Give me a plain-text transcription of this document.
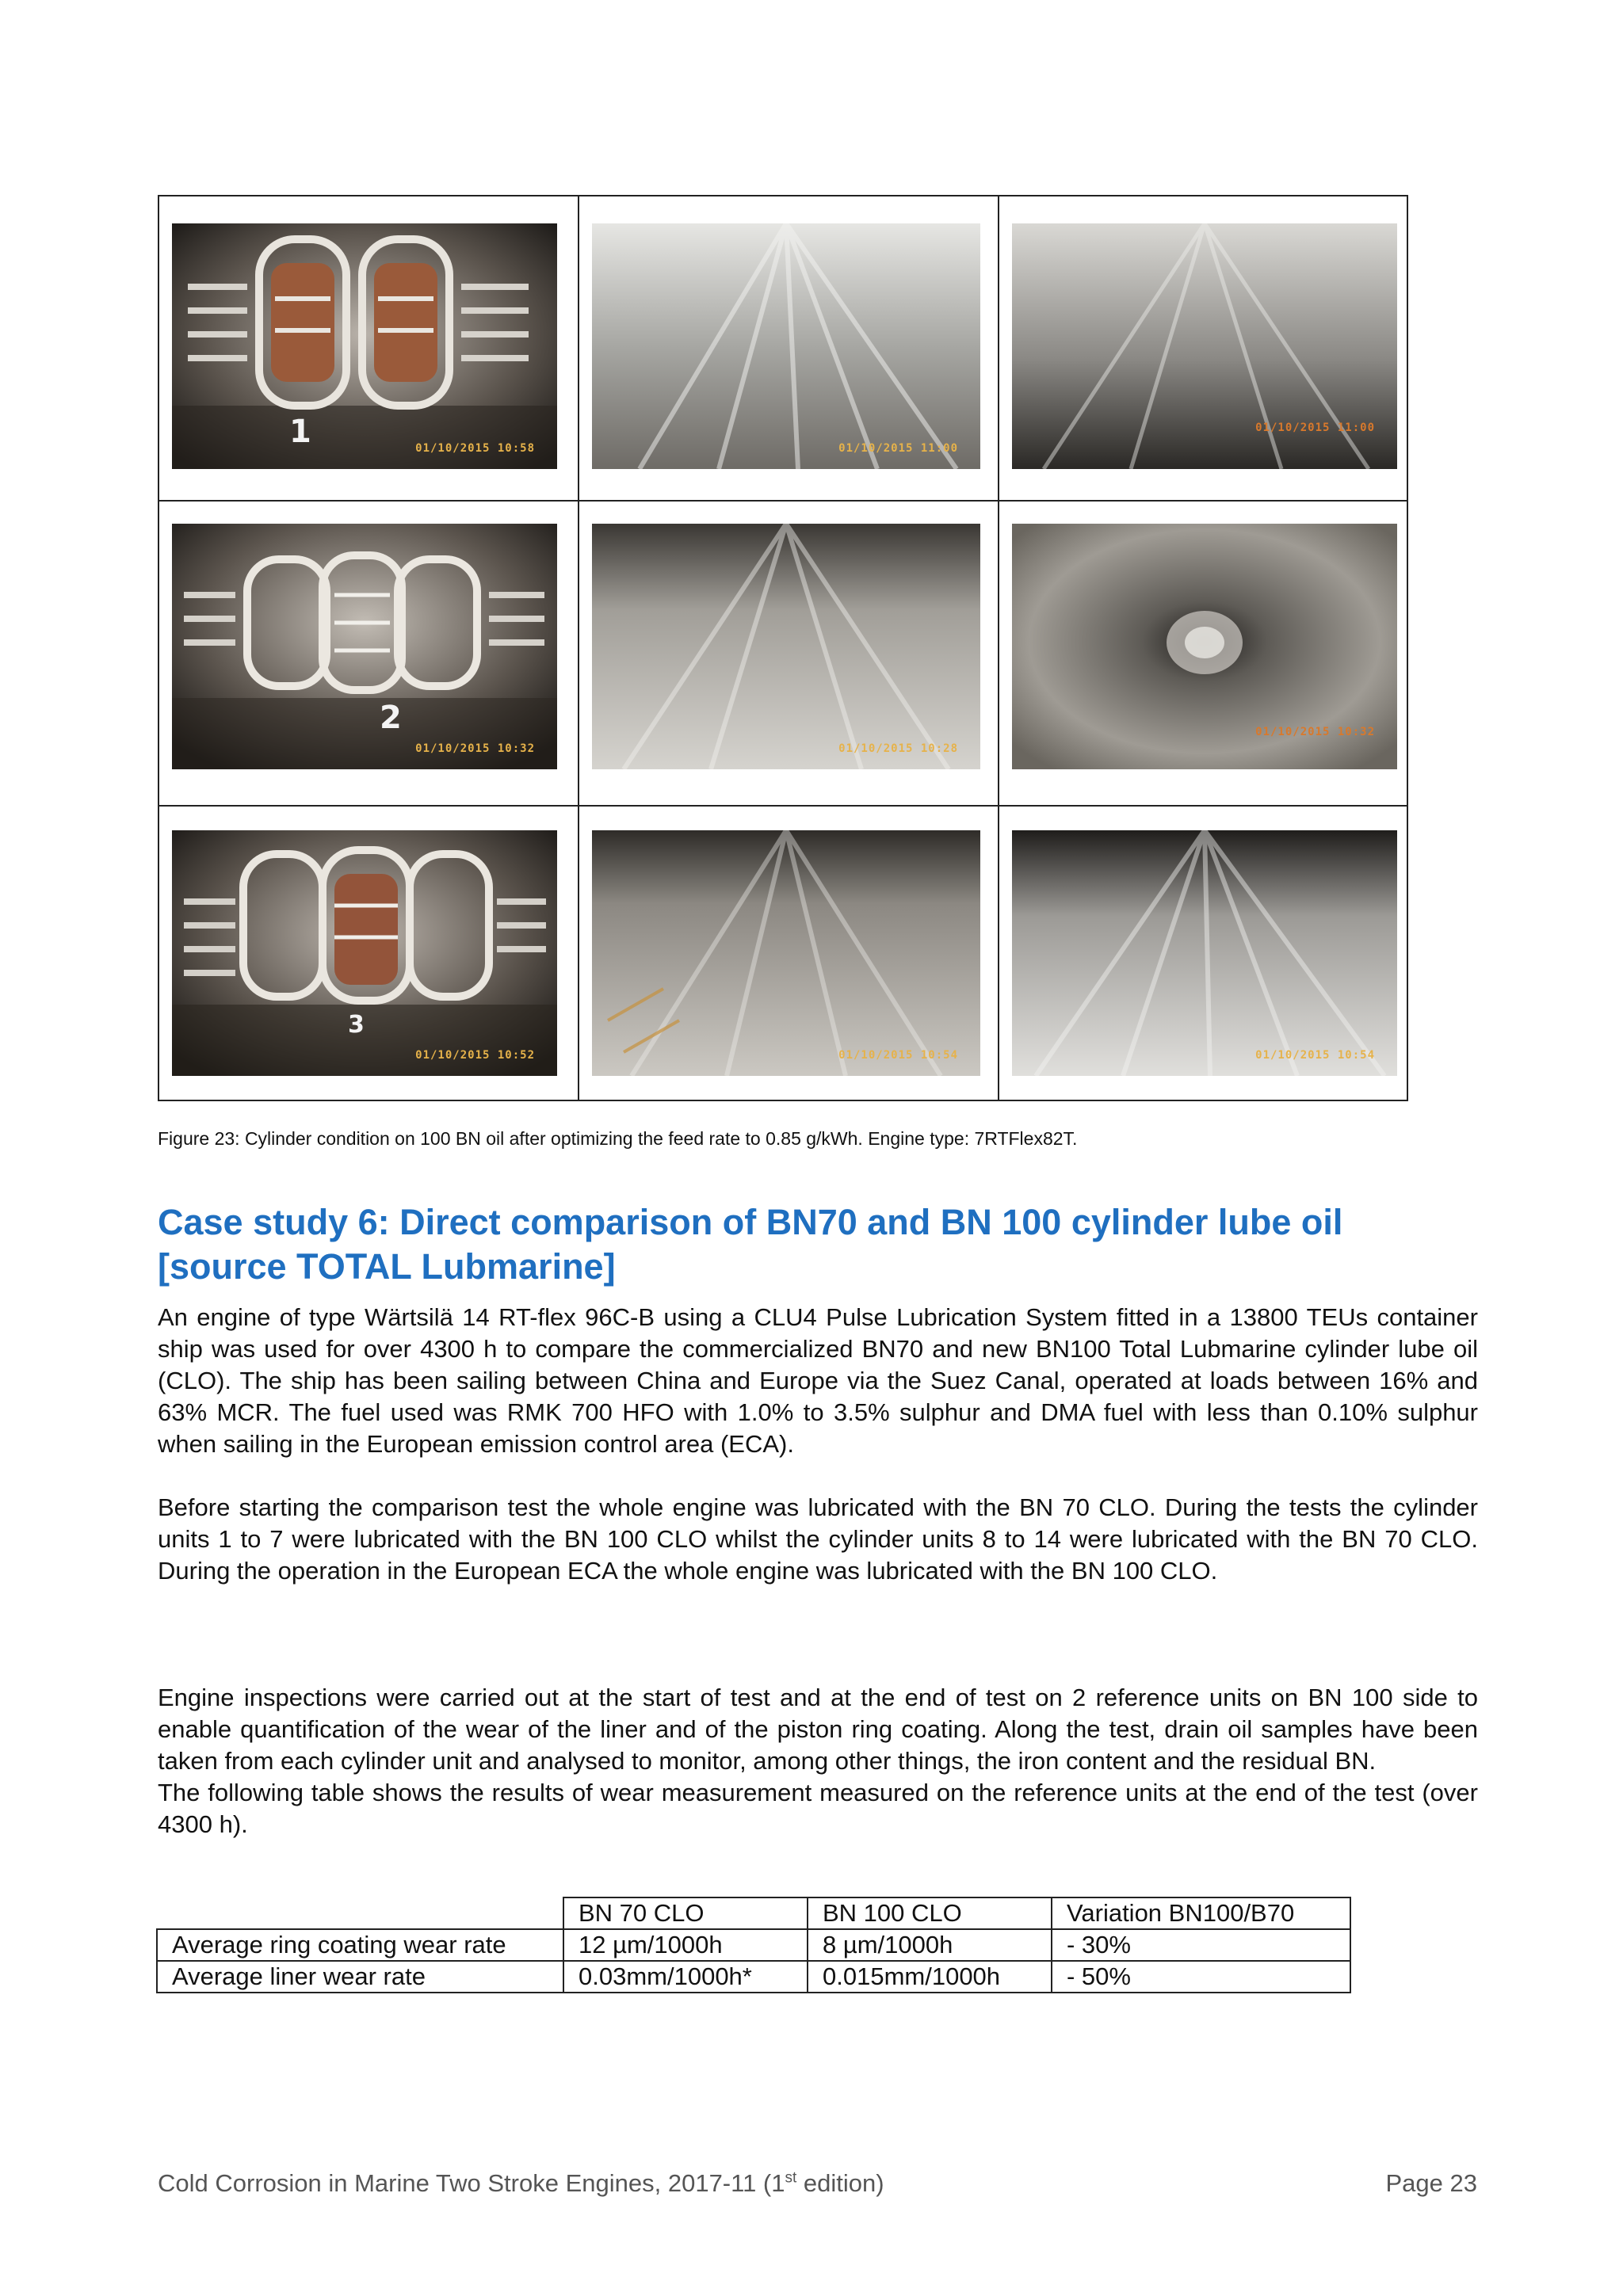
1	01/10/2015 10:58	01/10/2015 11:00
01/10/2015 11:00
2
01/10/2015 10:32	01/10/2015 10:28
01/10/2015 10:32
3
01/10/2015 10:52	01/10/2015 10:54	01/10/2015 10:54
Figure 23: Cylinder condition on 100 BN oil after optimizing the feed rate to 0.85 g/kWh. Engine type: 7RTFlex82T.
Case study 6: Direct comparison of BN70 and BN 100 cylinder lube oil [source TOTAL Lubmarine]

An engine of type Wärtsilä 14 RT-flex 96C-B using a CLU4 Pulse Lubrication System fitted in a 13800 TEUs container ship was used for over 4300 h to compare the commercialized BN70 and new BN100 Total Lubmarine cylinder lube oil (CLO). The ship has been sailing between China and Europe via the Suez Canal, operated at loads between 16% and 63% MCR. The fuel used was RMK 700 HFO with 1.0% to 3.5% sulphur and DMA fuel with less than 0.10% sulphur when sailing in the European emission control area (ECA).

Before starting the comparison test the whole engine was lubricated with the BN 70 CLO. During the tests the cylinder units 1 to 7 were lubricated with the BN 100 CLO whilst the cylinder units 8 to 14 were lubricated with the BN 70 CLO. During the operation in the European ECA the whole engine was lubricated with the BN 100 CLO.

Engine inspections were carried out at the start of test and at the end of test on 2 reference units on BN 100 side to enable quantification of the wear of the liner and of the piston ring coating. Along the test, drain oil samples have been taken from each cylinder unit and analysed to monitor, among other things, the iron content and the residual BN.

The following table shows the results of wear measurement measured on the reference units at the end of the test (over 4300 h).

	BN 70 CLO	BN 100 CLO	Variation BN100/B70
Average ring coating wear rate	12 µm/1000h	8 µm/1000h	- 30%
Average liner wear rate	0.03mm/1000h*	0.015mm/1000h	- 50%
Cold Corrosion in Marine Two Stroke Engines, 2017-11 (1st edition)	Page 23
